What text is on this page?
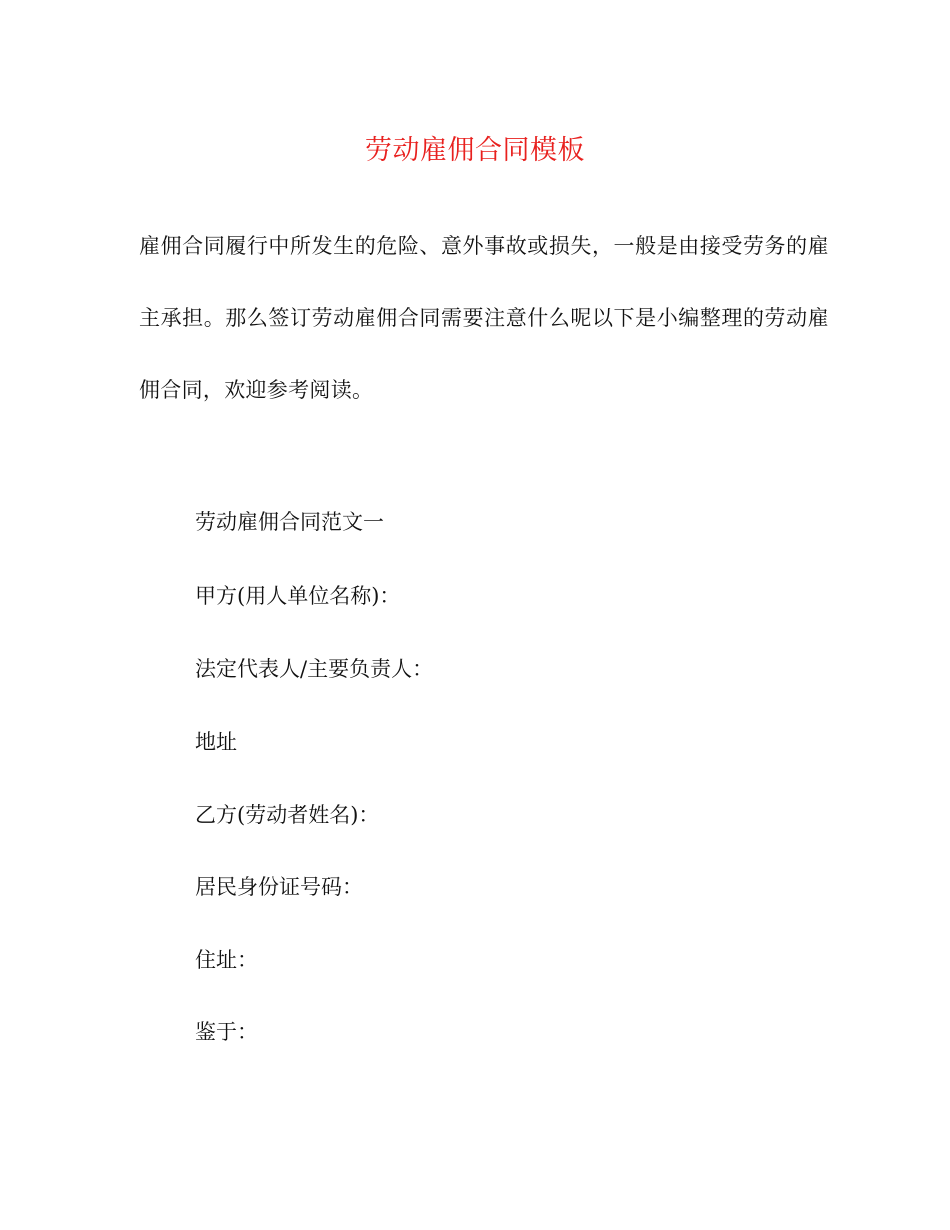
劳动雇佣合同模板

雇佣合同履行中所发生的危险、意外事故或损失，一般是由接受劳务的雇主承担。那么签订劳动雇佣合同需要注意什么呢以下是小编整理的劳动雇佣合同，欢迎参考阅读。

劳动雇佣合同范文一

甲方(用人单位名称)：

法定代表人/主要负责人：

地址

乙方(劳动者姓名)：

居民身份证号码：

住址：

鉴于：
